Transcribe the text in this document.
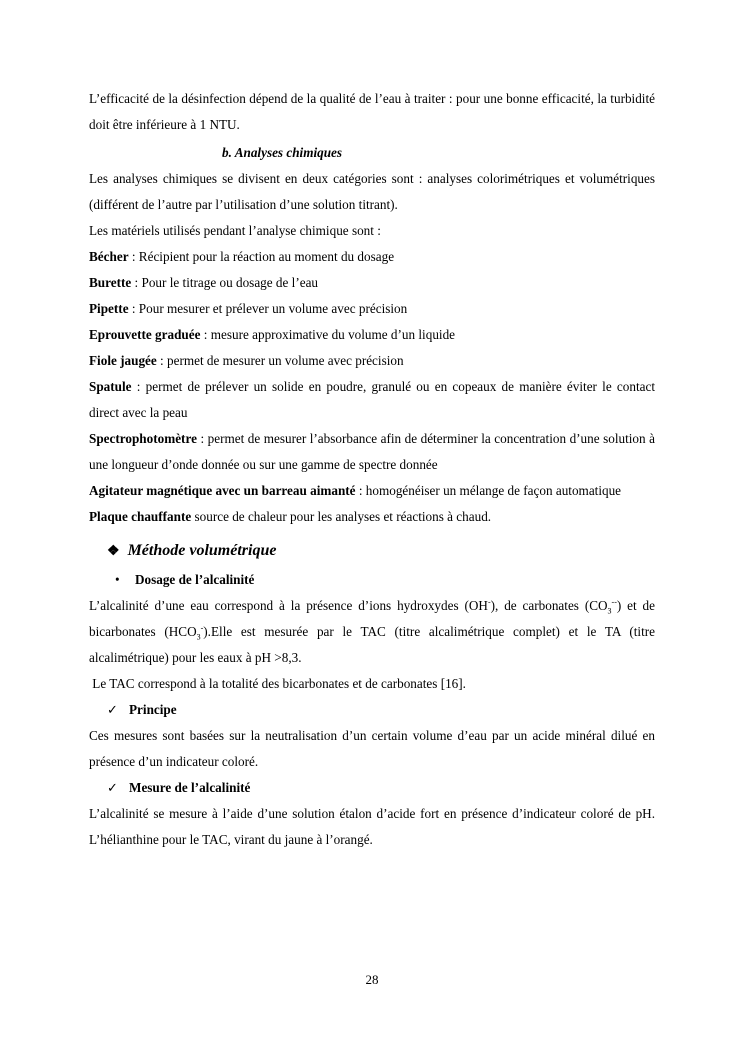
L’efficacité de la désinfection dépend de la qualité de l’eau à traiter : pour une bonne efficacité, la turbidité doit être inférieure à 1 NTU.

b. Analyses chimiques

Les analyses chimiques se divisent en deux catégories sont : analyses colorimétriques et volumétriques (différent de l’autre par l’utilisation d’une solution titrant).

Les matériels utilisés pendant l’analyse chimique sont :

Bécher : Récipient pour la réaction au moment du dosage

Burette : Pour le titrage ou dosage de l’eau

Pipette : Pour mesurer et prélever un volume avec précision

Eprouvette graduée : mesure approximative du volume d’un liquide

Fiole jaugée : permet de mesurer un volume avec précision

Spatule : permet de prélever un solide en poudre, granulé ou en copeaux de manière éviter le contact direct avec la peau

Spectrophotomètre : permet de mesurer l’absorbance afin de déterminer la concentration d’une solution à une longueur d’onde donnée ou sur une gamme de spectre donnée

Agitateur magnétique avec un barreau aimanté : homogénéiser un mélange de façon automatique

Plaque chauffante source de chaleur pour les analyses et réactions à chaud.

❖ Méthode volumétrique
• Dosage de l’alcalinité

L’alcalinité d’une eau correspond à la présence d’ions hydroxydes (OH-), de carbonates $(CO_3^{--})$ et de bicarbonates $(HCO_3^-).Elle$ est mesurée par le TAC (titre alcalimétrique complet) et le TA (titre alcalimétrique) pour les eaux à pH >8,3.

Le TAC correspond à la totalité des bicarbonates et de carbonates [16].

✓ Principe

Ces mesures sont basées sur la neutralisation d’un certain volume d’eau par un acide minéral dilué en présence d’un indicateur coloré.

✓ Mesure de l’alcalinité

L’alcalinité se mesure à l’aide d’une solution étalon d’acide fort en présence d’indicateur coloré de pH. L’hélianthine pour le TAC, virant du jaune à l’orangé.

28
